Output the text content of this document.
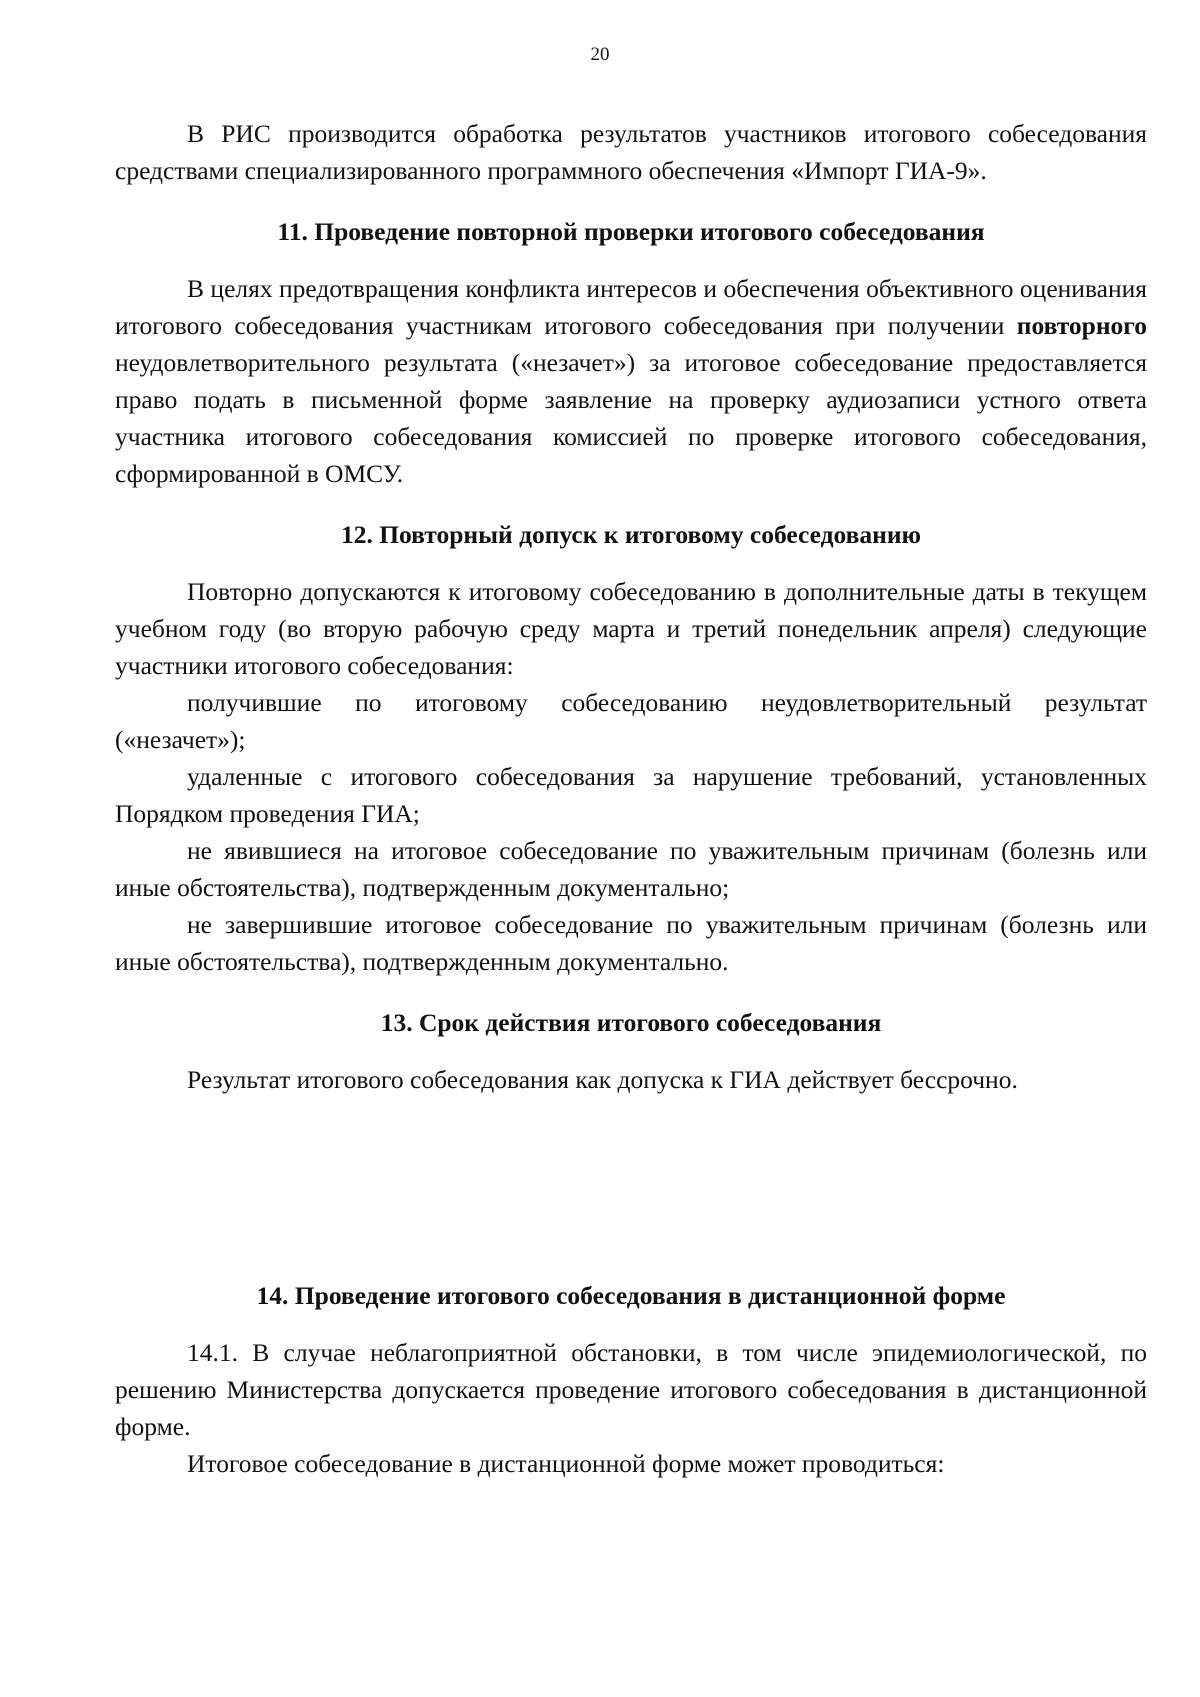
20

В РИС производится обработка результатов участников итогового собеседования средствами специализированного программного обеспечения «Импорт ГИА-9».

11. Проведение повторной проверки итогового собеседования

В целях предотвращения конфликта интересов и обеспечения объективного оценивания итогового собеседования участникам итогового собеседования при получении повторного неудовлетворительного результата («незачет») за итоговое собеседование предоставляется право подать в письменной форме заявление на проверку аудиозаписи устного ответа участника итогового собеседования комиссией по проверке итогового собеседования, сформированной в ОМСУ.

12. Повторный допуск к итоговому собеседованию

Повторно допускаются к итоговому собеседованию в дополнительные даты в текущем учебном году (во вторую рабочую среду марта и третий понедельник апреля) следующие участники итогового собеседования:

получившие по итоговому собеседованию неудовлетворительный результат («незачет»);

удаленные с итогового собеседования за нарушение требований, установленных Порядком проведения ГИА;

не явившиеся на итоговое собеседование по уважительным причинам (болезнь или иные обстоятельства), подтвержденным документально;

не завершившие итоговое собеседование по уважительным причинам (болезнь или иные обстоятельства), подтвержденным документально.

13. Срок действия итогового собеседования

Результат итогового собеседования как допуска к ГИА действует бессрочно.

14. Проведение итогового собеседования в дистанционной форме

14.1. В случае неблагоприятной обстановки, в том числе эпидемиологической, по решению Министерства допускается проведение итогового собеседования в дистанционной форме.

Итоговое собеседование в дистанционной форме может проводиться:
